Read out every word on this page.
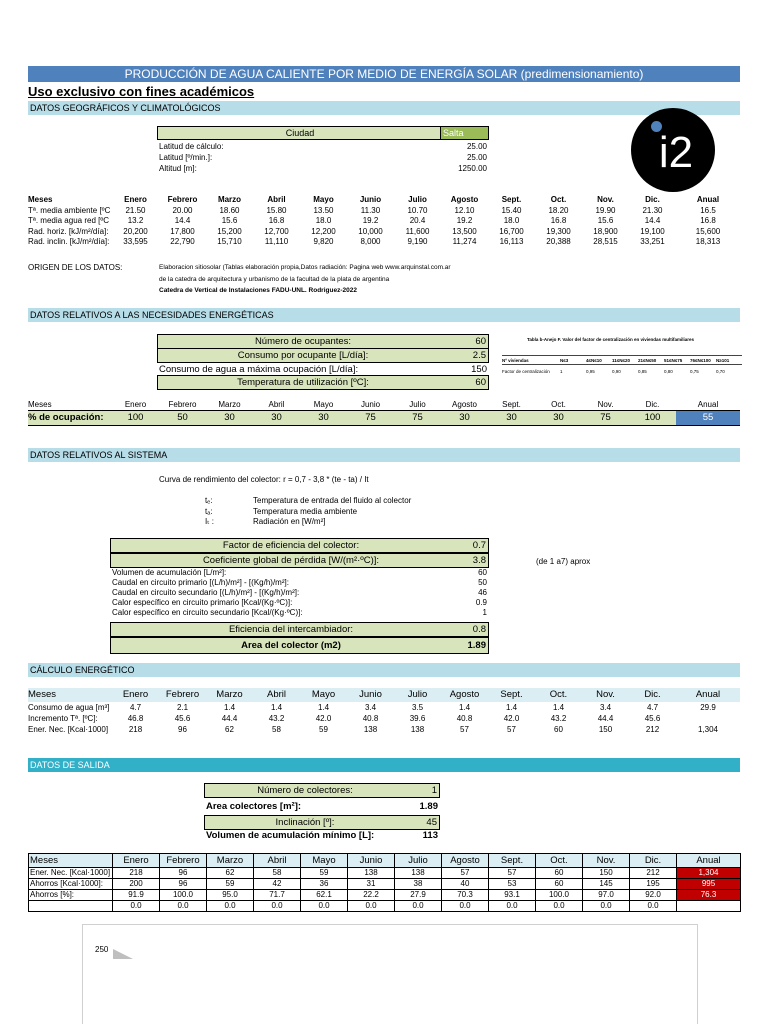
PRODUCCIÓN DE AGUA CALIENTE POR MEDIO DE ENERGÍA SOLAR (predimensionamiento)
Uso exclusivo con fines académicos
DATOS GEOGRÁFICOS Y CLIMATOLÓGICOS
Ciudad	Salta
Latitud de cálculo:	25.00
Latitud [º/min.]:	25.00
Altitud [m]:	1250.00	i2
Meses	Enero	Febrero	Marzo	Abril	Mayo	Junio	Julio	Agosto	Sept.	Oct.	Nov.	Dic.	Anual
Tª. media ambiente [ºC	21.50	20.00	18.60	15.80	13.50	11.30	10.70	12.10	15.40	18.20	19.90	21.30	16.5
Tª. media agua red [ºC	13.2	14.4	15.6	16.8	18.0	19.2	20.4	19.2	18.0	16.8	15.6	14.4	16.8
Rad. horiz. [kJ/m²/día]:	20,200	17,800	15,200	12,700	12,200	10,000	11,600	13,500	16,700	19,300	18,900	19,100	15,600
Rad. inclin. [kJ/m²/día]:	33,595	22,790	15,710	11,110	9,820	8,000	9,190	11,274	16,113	20,388	28,515	33,251	18,313
ORIGEN DE LOS DATOS:	Elaboracion sitiosolar (Tablas elaboración propia,Datos radiación: Pagina web www.arquinstal.com.ar
de la catedra de arquitectura y urbanismo de la facultad de la plata de argentina
Catedra de Vertical de Instalaciones FADU-UNL. Rodriguez-2022
DATOS RELATIVOS A LAS NECESIDADES ENERGÉTICAS
Número de ocupantes:	60
Consumo por ocupante [L/día]:	2.5
Consumo de agua a máxima ocupación [L/día]:	150
Temperatura de utilización [ºC]:	60
Tabla b-Anejo F. Valor del factor de centralización en viviendas multifamiliares
Nº viviendas	N≤3	4≤N≤10	11≤N≤20	21≤N≤50	51≤N≤75	76≤N≤100	N≥101
Factor de centralización	1	0,95	0,90	0,85	0,80	0,75	0,70
Meses	Enero	Febrero	Marzo	Abril	Mayo	Junio	Julio	Agosto	Sept.	Oct.	Nov.	Dic.	Anual
% de ocupación:	100	50	30	30	30	75	75	30	30	30	75	100	55
DATOS RELATIVOS AL SISTEMA
Curva de rendimiento del colector: r = 0,7 - 3,8 * (te - ta) / It
tₑ:	Temperatura de entrada del fluido al colector
tₐ:	Temperatura media ambiente
Iₜ :	Radiación en [W/m²]
Factor de eficiencia del colector:	0.7
Coeficiente global de pérdida [W/(m²·ºC)]:	3.8	(de 1 a7) aprox
Volumen de acumulación [L/m²]:	60
Caudal en circuito primario [(L/h)/m²] - [(Kg/h)/m²]:	50
Caudal en circuito secundario [(L/h)/m²] - [(Kg/h)/m²]:	46
Calor específico en circuito primario [Kcal/(Kg·ºC)]:	0.9
Calor específico en circuito secundario [Kcal/(Kg·ºC)]:	1
Eficiencia del intercambiador:	0.8
Area del colector (m2)	1.89
CÁLCULO ENERGÉTICO
Meses	Enero	Febrero	Marzo	Abril	Mayo	Junio	Julio	Agosto	Sept.	Oct.	Nov.	Dic.	Anual
Consumo de agua [m³]	4.7	2.1	1.4	1.4	1.4	3.4	3.5	1.4	1.4	1.4	3.4	4.7	29.9
Incremento Tª. [ºC]:	46.8	45.6	44.4	43.2	42.0	40.8	39.6	40.8	42.0	43.2	44.4	45.6	
Ener. Nec. [Kcal·1000]	218	96	62	58	59	138	138	57	57	60	150	212	1,304
DATOS DE SALIDA
Número de colectores:	1
Area colectores [m²]:	1.89
Inclinación [º]:	45
Volumen de acumulación mínimo [L]:	113
Meses	Enero	Febrero	Marzo	Abril	Mayo	Junio	Julio	Agosto	Sept.	Oct.	Nov.	Dic.	Anual
Ener. Nec. [Kcal·1000]	218	96	62	58	59	138	138	57	57	60	150	212	1,304
Ahorros [Kcal·1000]:	200	96	59	42	36	31	38	40	53	60	145	195	995
Ahorros [%]:	91.9	100.0	95.0	71.7	62.1	22.2	27.9	70.3	93.1	100.0	97.0	92.0	76.3
	0.0	0.0	0.0	0.0	0.0	0.0	0.0	0.0	0.0	0.0	0.0	0.0	
250
